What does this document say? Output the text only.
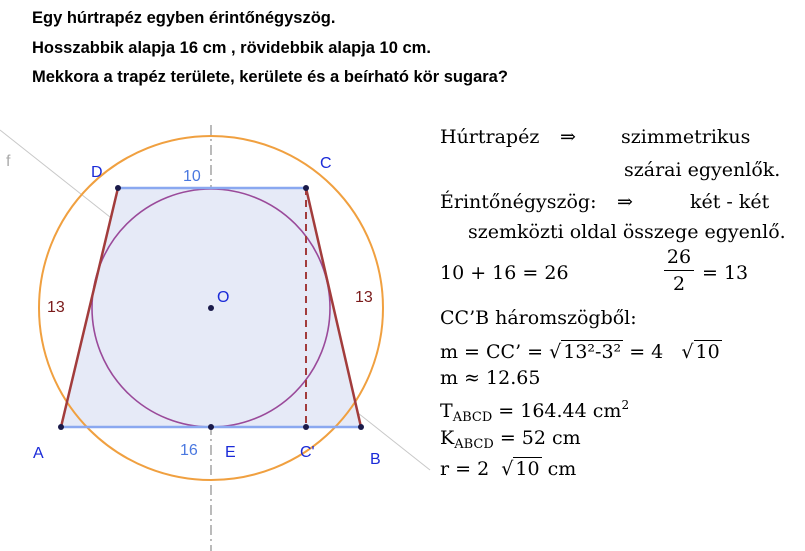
Egy húrtrapéz egyben érintőnégyszög.
Hosszabbik alapja 16 cm , rövidebbik alapja 10 cm.
Mekkora a trapéz területe, kerülete és a beírható kör sugara?
f
A	B
C
D
O
E	C'
10
16
13
13
Húrtrapéz ⇒ szimmetrikus
szárai egyenlők.
Érintőnégyszög: ⇒	két - két
szemközti oldal összege egyenlő.
10 + 16 = 26
26
2 = 13
CC’B háromszögből:
m = CC’ = √ 13²-3² = 4 √ 10
m ≈ 12.65
$T_{ABCD} = 164.44$ $cm^2$
$K_{ABCD} = 52$ cm
r = 2 √ 10 cm
